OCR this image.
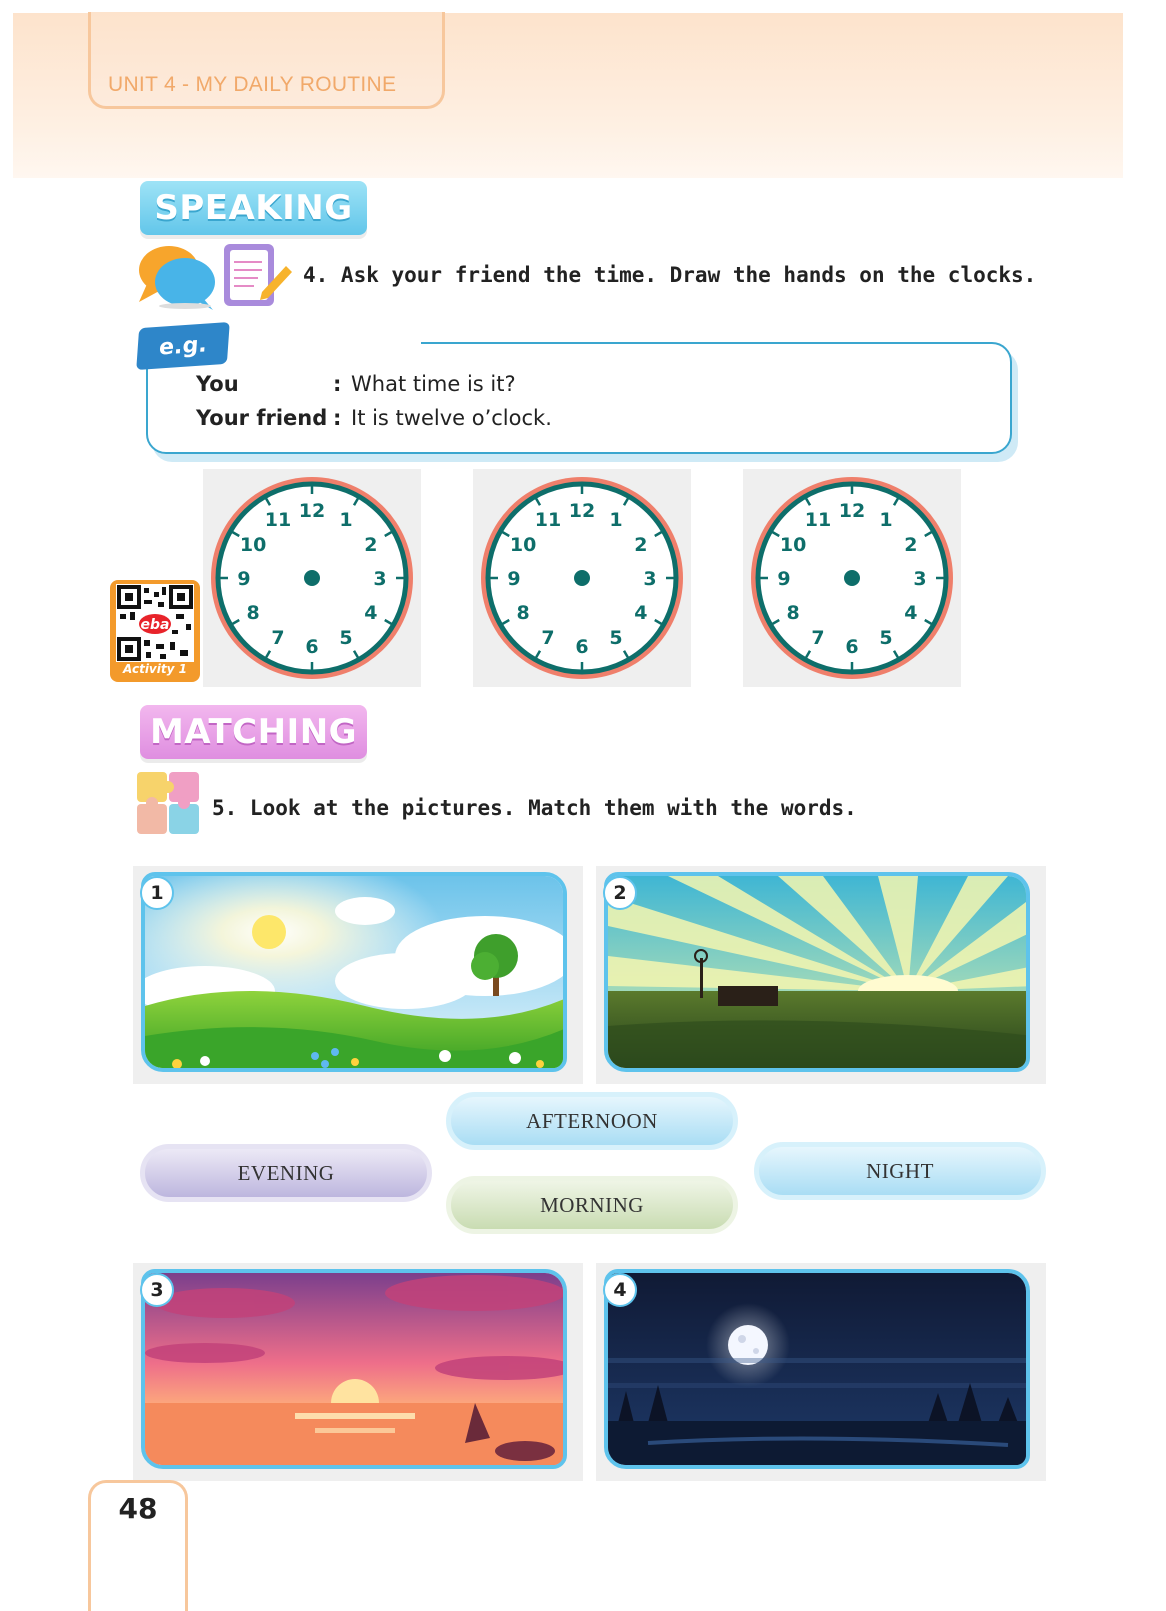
UNIT 4 - MY DAILY ROUTINE
SPEAKING
4. Ask your friend the time. Draw the hands on the clocks.
e.g.
You	: What time is it?
Your friend : It is twelve o’clock.
12 1
2
3
4
5
6
7
8
9
10
11	12 1
2
3
4
5
6
7
8
9
10
11	12 1
2
3
4
5
6
7
8
9
10
11
eba
Activity 1
MATCHING
5. Look at the pictures. Match them with the words.
1	2
AFTERNOON
EVENING
MORNING
NIGHT
3	4
48
